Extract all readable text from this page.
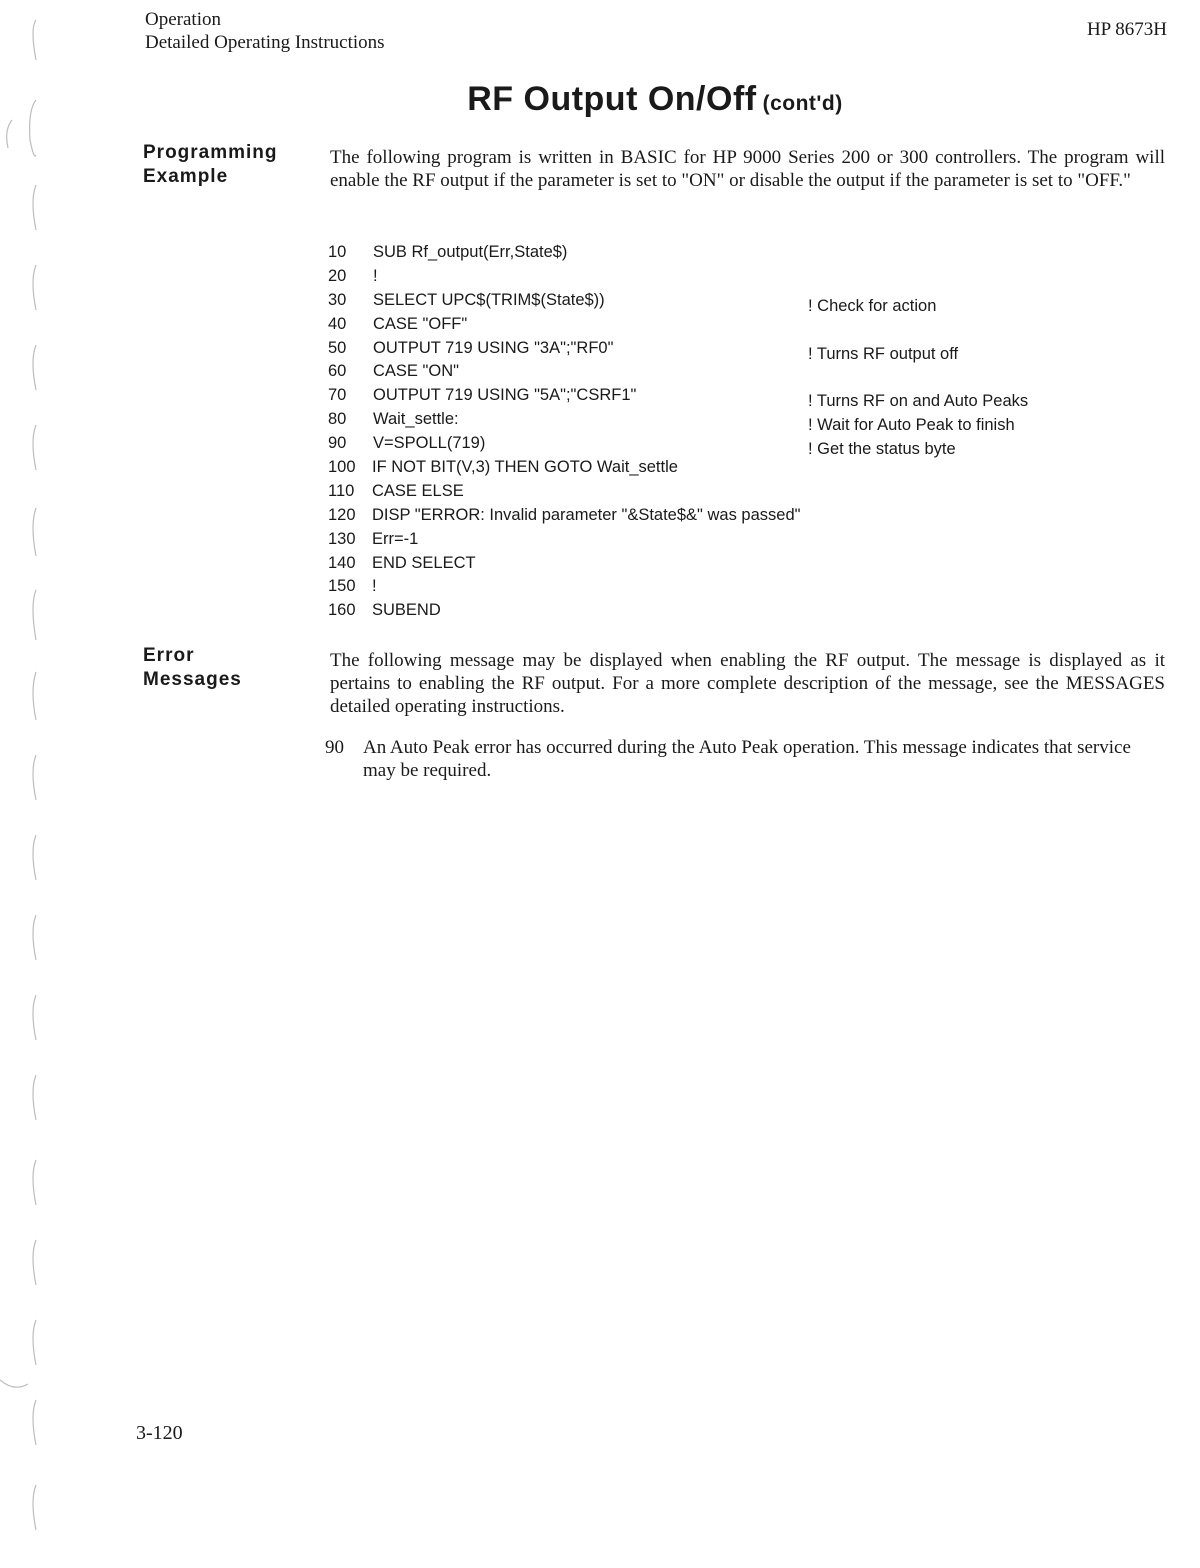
Operation
Detailed Operating Instructions
HP 8673H
RF Output On/Off (cont'd)
Programming
Example
The following program is written in BASIC for HP 9000 Series 200 or 300 controllers. The program will enable the RF output if the parameter is set to "ON" or disable the output if the parameter is set to "OFF."
10 SUB Rf_output(Err,State$)
20 !
30 SELECT UPC$(TRIM$(State$))	! Check for action
40 CASE "OFF"
50 OUTPUT 719 USING "3A";"RF0"	! Turns RF output off
60 CASE "ON"
70 OUTPUT 719 USING "5A";"CSRF1"	! Turns RF on and Auto Peaks
80 Wait_settle:	! Wait for Auto Peak to finish
90 V=SPOLL(719)	! Get the status byte
100 IF NOT BIT(V,3) THEN GOTO Wait_settle
110 CASE ELSE
120 DISP "ERROR: Invalid parameter "&State$&" was passed"
130 Err=-1
140 END SELECT
150 !
160 SUBEND
Error
Messages
The following message may be displayed when enabling the RF output. The message is displayed as it pertains to enabling the RF output. For a more complete description of the message, see the MESSAGES detailed operating instructions.
90 An Auto Peak error has occurred during the Auto Peak operation. This message indicates that service may be required.
3-120
